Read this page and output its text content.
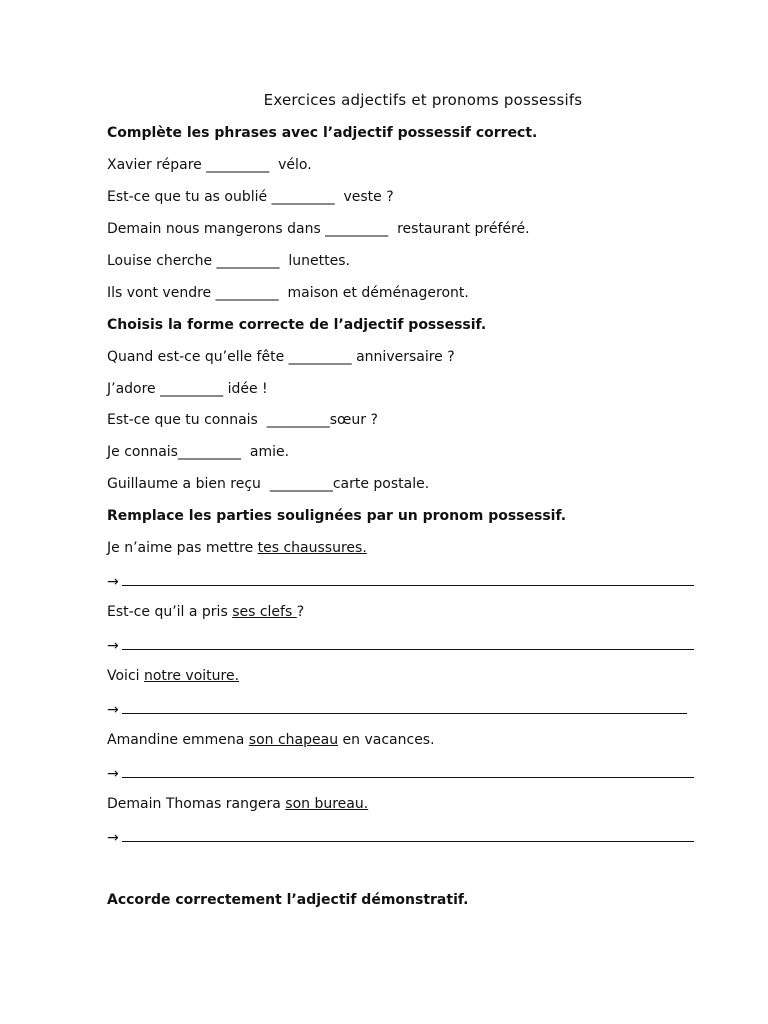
Exercices adjectifs et pronoms possessifs
Complète les phrases avec l’adjectif possessif correct.
Xavier répare _________  vélo.
Est-ce que tu as oublié _________  veste ?
Demain nous mangerons dans _________  restaurant préféré.
Louise cherche _________  lunettes.
Ils vont vendre _________  maison et déménageront.
Choisis la forme correcte de l’adjectif possessif.
Quand est-ce qu’elle fête _________ anniversaire ?
J’adore _________ idée !
Est-ce que tu connais  _________sœur ?
Je connais_________  amie.
Guillaume a bien reçu  _________carte postale.
Remplace les parties soulignées par un pronom possessif.
Je n’aime pas mettre tes chaussures.
→
Est-ce qu’il a pris ses clefs ?
→
Voici notre voiture.
→
Amandine emmena son chapeau en vacances.
→
Demain Thomas rangera son bureau.
→
Accorde correctement l’adjectif démonstratif.
